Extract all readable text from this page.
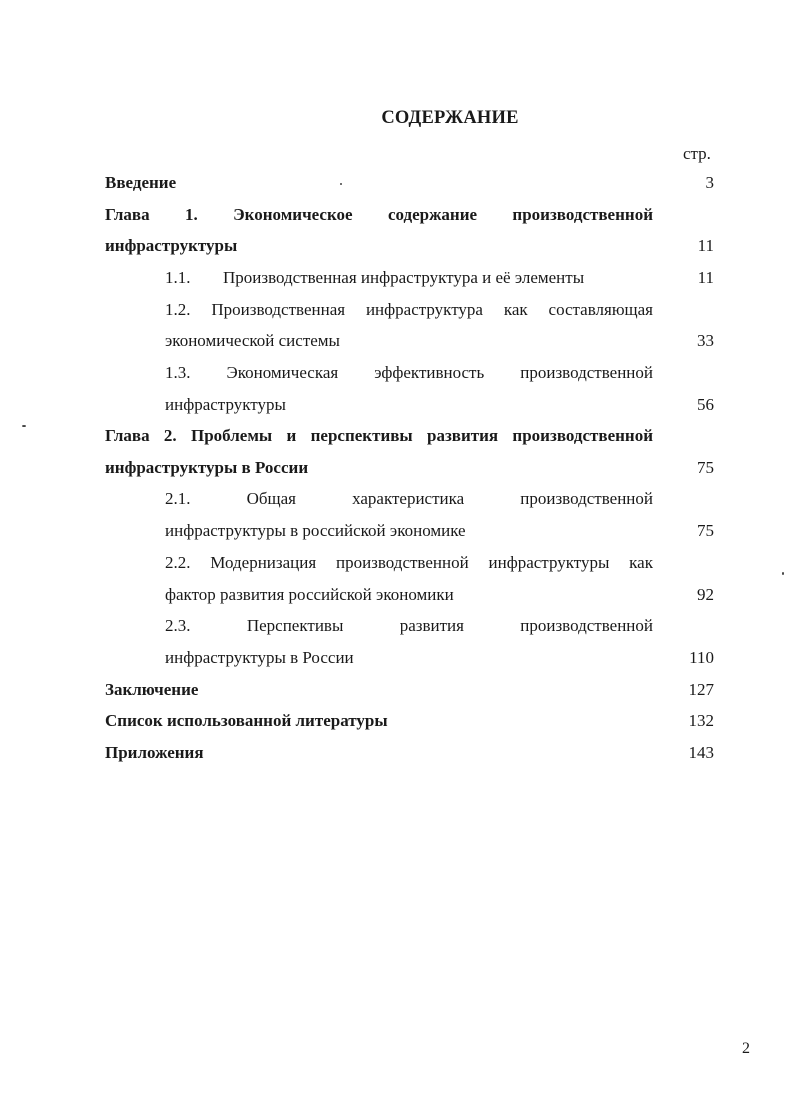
СОДЕРЖАНИЕ
стр.
Введение	3
Глава 1. Экономическое содержание производственной
инфраструктуры	11
1.1. Производственная инфраструктура и её элементы	11
1.2. Производственная инфраструктура как составляющая
экономической системы	33
1.3. Экономическая эффективность производственной
инфраструктуры	56
Глава 2. Проблемы и перспективы развития производственной
инфраструктуры в России	75
2.1. Общая характеристика производственной
инфраструктуры в российской экономике	75
2.2. Модернизация производственной инфраструктуры как
фактор развития российской экономики	92
2.3. Перспективы развития производственной
инфраструктуры в России	110
Заключение	127
Список использованной литературы	132
Приложения	143
2
